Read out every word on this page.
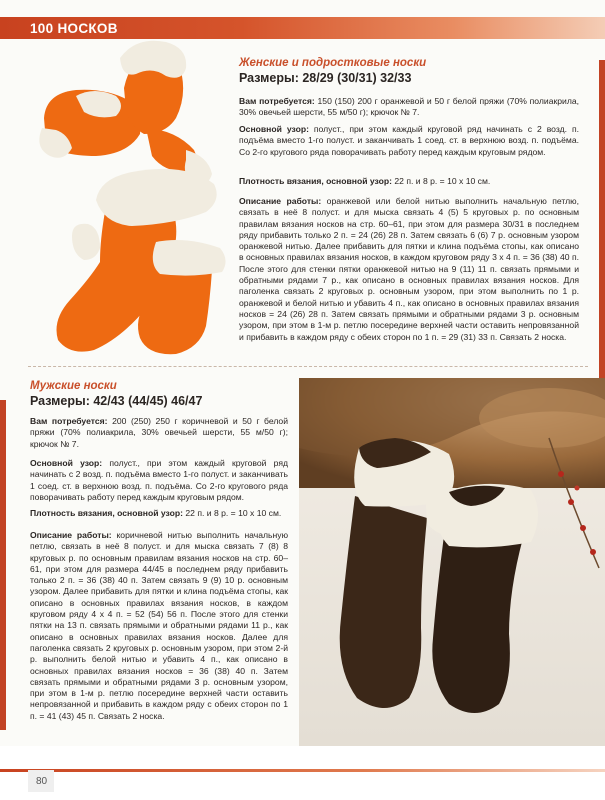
100 НОСКОВ
Женские и подростковые носки
Размеры: 28/29 (30/31) 32/33
Вам потребуется: 150 (150) 200 г оранжевой и 50 г белой пряжи (70% полиакрила, 30% овечьей шерсти, 55 м/50 г); крючок № 7.
Основной узор: полуст., при этом каждый круговой ряд начинать с 2 возд. п. подъёма вместо 1-го полуст. и заканчивать 1 соед. ст. в верхнюю возд. п. подъёма. Со 2-го кругового ряда поворачивать работу перед каждым круговым рядом.
Плотность вязания, основной узор: 22 п. и 8 р. = 10 х 10 см.
Описание работы: оранжевой или белой нитью выполнить начальную петлю, связать в неё 8 полуст. и для мыска связать 4 (5) 5 круговых р. по основным правилам вязания носков на стр. 60–61, при этом для размера 30/31 в последнем ряду прибавить только 2 п. = 24 (26) 28 п. Затем связать 6 (6) 7 р. основным узором оранжевой нитью. Далее прибавить для пятки и клина подъёма стопы, как описано в основных правилах вязания носков, в каждом круговом ряду 3 х 4 п. = 36 (38) 40 п. После этого для стенки пятки оранжевой нитью на 9 (11) 11 п. связать прямыми и обратными рядами 7 р., как описано в основных правилах вязания носков. Для паголенка связать 2 круговых р. основным узором, при этом выполнить по 1 р. оранжевой и белой нитью и убавить 4 п., как описано в основных правилах вязания носков = 24 (26) 28 п. Затем связать прямыми и обратными рядами 3 р. основным узором, при этом в 1-м р. петлю посередине верхней части оставить непровязанной и прибавить в каждом ряду с обеих сторон по 1 п. = 29 (31) 33 п. Связать 2 носка.
Мужские носки
Размеры: 42/43 (44/45) 46/47
Вам потребуется: 200 (250) 250 г коричневой и 50 г белой пряжи (70% полиакрила, 30% овечьей шерсти, 55 м/50 г); крючок № 7.
Основной узор: полуст., при этом каждый круговой ряд начинать с 2 возд. п. подъёма вместо 1-го полуст. и заканчивать 1 соед. ст. в верхнюю возд. п. подъёма. Со 2-го кругового ряда поворачивать работу перед каждым круговым рядом.
Плотность вязания, основной узор: 22 п. и 8 р. = 10 х 10 см.
Описание работы: коричневой нитью выполнить начальную петлю, связать в неё 8 полуст. и для мыска связать 7 (8) 8 круговых р. по основным правилам вязания носков на стр. 60–61, при этом для размера 44/45 в последнем ряду прибавить только 2 п. = 36 (38) 40 п. Затем связать 9 (9) 10 р. основным узором. Далее прибавить для пятки и клина подъёма стопы, как описано в основных правилах вязания носков, в каждом круговом ряду 4 х 4 п. = 52 (54) 56 п. После этого для стенки пятки на 13 п. связать прямыми и обратными рядами 11 р., как описано в основных правилах вязания носков. Далее для паголенка связать 2 круговых р. основным узором, при этом 2-й р. выполнить белой нитью и убавить 4 п., как описано в основных правилах вязания носков = 36 (38) 40 п. Затем связать прямыми и обратными рядами 3 р. основным узором, при этом в 1-м р. петлю посередине верхней части оставить непровязанной и прибавить в каждом ряду с обеих сторон по 1 п. = 41 (43) 45 п. Связать 2 носка.
80
